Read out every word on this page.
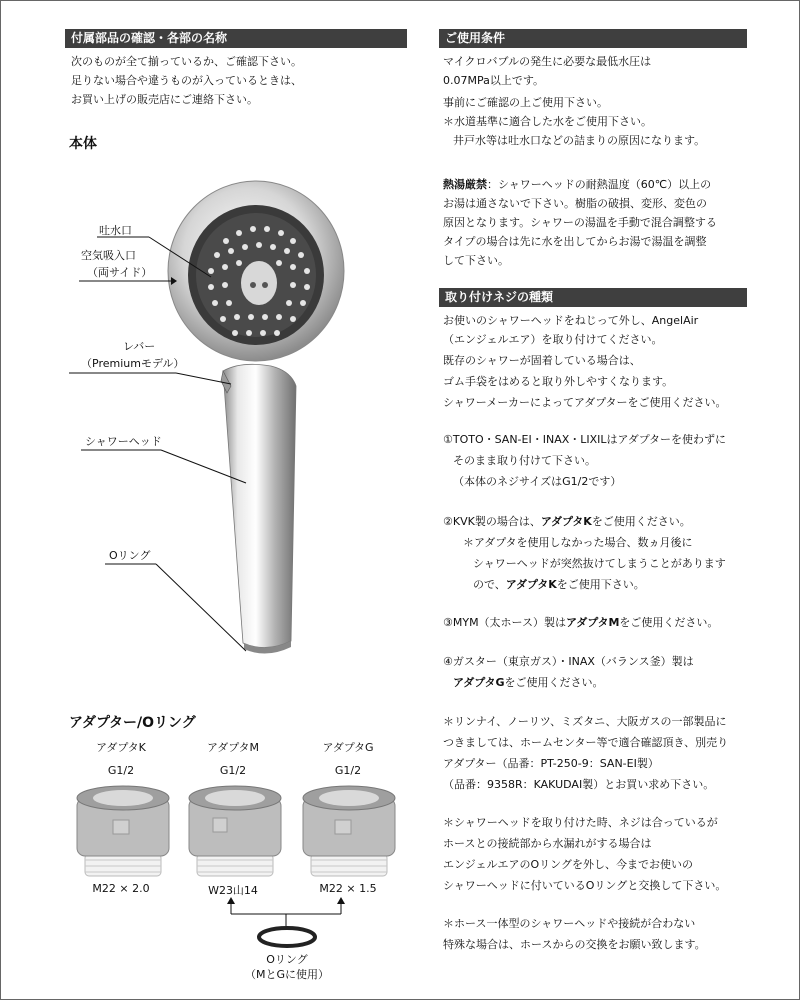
付属部品の確認・各部の名称
次のものが全て揃っているか、ご確認下さい。
足りない場合や違うものが入っているときは、
お買い上げの販売店にご連絡下さい。
本体
吐水口
空気吸入口
（両サイド）
レバー
（Premiumモデル）
シャワーヘッド
Oリング
アダプター/Oリング
アダプタK	アダプタM	アダプタG
G1/2	G1/2	G1/2
M22 × 2.0	W23山14	M22 × 1.5
Oリング
（MとGに使用）
ご使用条件
マイクロバブルの発生に必要な最低水圧は
0.07MPa以上です。
事前にご確認の上ご使用下さい。
＊水道基準に適合した水をご使用下さい。
井戸水等は吐水口などの詰まりの原因になります。
熱湯厳禁：シャワーヘッドの耐熱温度（60℃）以上の
お湯は通さないで下さい。樹脂の破損、変形、変色の
原因となります。シャワーの湯温を手動で混合調整する
タイプの場合は先に水を出してからお湯で湯温を調整
して下さい。
取り付けネジの種類
お使いのシャワーヘッドをねじって外し、AngelAir
（エンジェルエア）を取り付けてください。
既存のシャワーが固着している場合は、
ゴム手袋をはめると取り外しやすくなります。
シャワーメーカーによってアダプターをご使用ください。
①TOTO・SAN-EI・INAX・LIXILはアダプターを使わずに
そのまま取り付けて下さい。
（本体のネジサイズはG1/2です）
②KVK製の場合は、アダプタKをご使用ください。
＊アダプタを使用しなかった場合、数ヵ月後に
シャワーヘッドが突然抜けてしまうことがあります
ので、アダプタKをご使用下さい。
③MYM（太ホース）製はアダプタMをご使用ください。
④ガスター（東京ガス）・INAX（バランス釜）製は
アダプタGをご使用ください。
＊リンナイ、ノーリツ、ミズタニ、大阪ガスの一部製品に
つきましては、ホームセンター等で適合確認頂き、別売り
アダプター（品番：PT-250-9：SAN-EI製）
（品番：9358R：KAKUDAI製）とお買い求め下さい。
＊シャワーヘッドを取り付けた時、ネジは合っているが
ホースとの接続部から水漏れがする場合は
エンジェルエアのOリングを外し、今までお使いの
シャワーヘッドに付いているOリングと交換して下さい。
＊ホース一体型のシャワーヘッドや接続が合わない
特殊な場合は、ホースからの交換をお願い致します。
